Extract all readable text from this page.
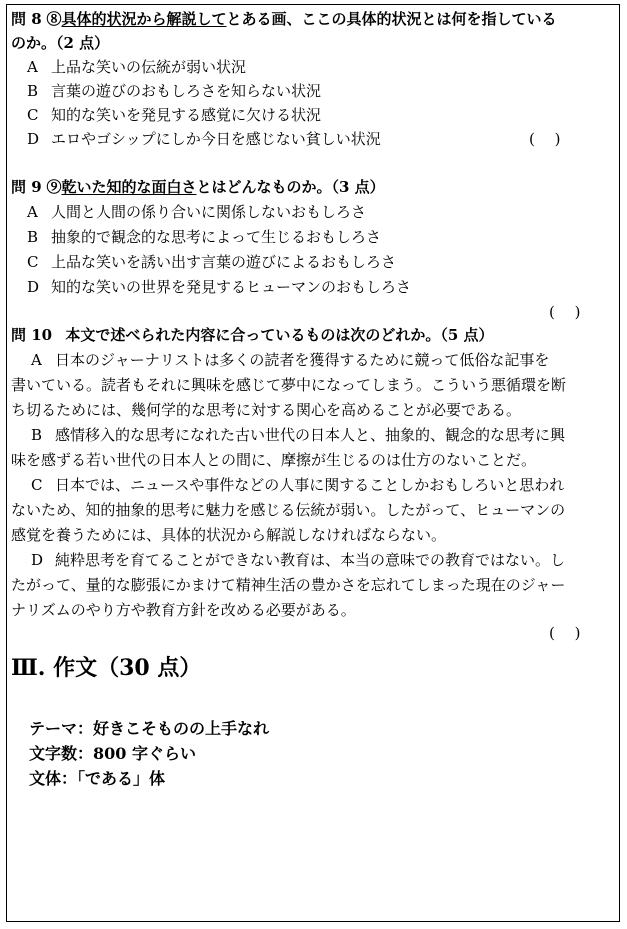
問 8 ⑧具体的状況から解説してとある画、ここの具体的状況とは何を指している
のか。（2 点）
A 上品な笑いの伝統が弱い状況
B 言葉の遊びのおもしろさを知らない状況
C 知的な笑いを発見する感覚に欠ける状況
D エロやゴシップにしか今日を感じない貧しい状況	(　 )
問 9 ⑨乾いた知的な面白さとはどんなものか。（3 点）
A 人間と人間の係り合いに関係しないおもしろさ
B 抽象的で観念的な思考によって生じるおもしろさ
C 上品な笑いを誘い出す言葉の遊びによるおもしろさ
D 知的な笑いの世界を発見するヒューマンのおもしろさ
(　 )
問 10 本文で述べられた内容に合っているものは次のどれか。（5 点）
A 日本のジャーナリストは多くの読者を獲得するために競って低俗な記事を
書いている。読者もそれに興味を感じて夢中になってしまう。こういう悪循環を断
ち切るためには、幾何学的な思考に対する関心を高めることが必要である。
B 感情移入的な思考になれた古い世代の日本人と、抽象的、観念的な思考に興
味を感ずる若い世代の日本人との間に、摩擦が生じるのは仕方のないことだ。
C 日本では、ニュースや事件などの人事に関することしかおもしろいと思われ
ないため、知的抽象的思考に魅力を感じる伝統が弱い。したがって、ヒューマンの
感覚を養うためには、具体的状況から解説しなければならない。
D 純粋思考を育てることができない教育は、本当の意味での教育ではない。し
たがって、量的な膨張にかまけて精神生活の豊かさを忘れてしまった現在のジャー
ナリズムのやり方や教育方針を改める必要がある。
(　 )
Ⅲ. 作文（30 点）
テーマ：好きこそものの上手なれ
文字数：800 字ぐらい
文体：「である」体
